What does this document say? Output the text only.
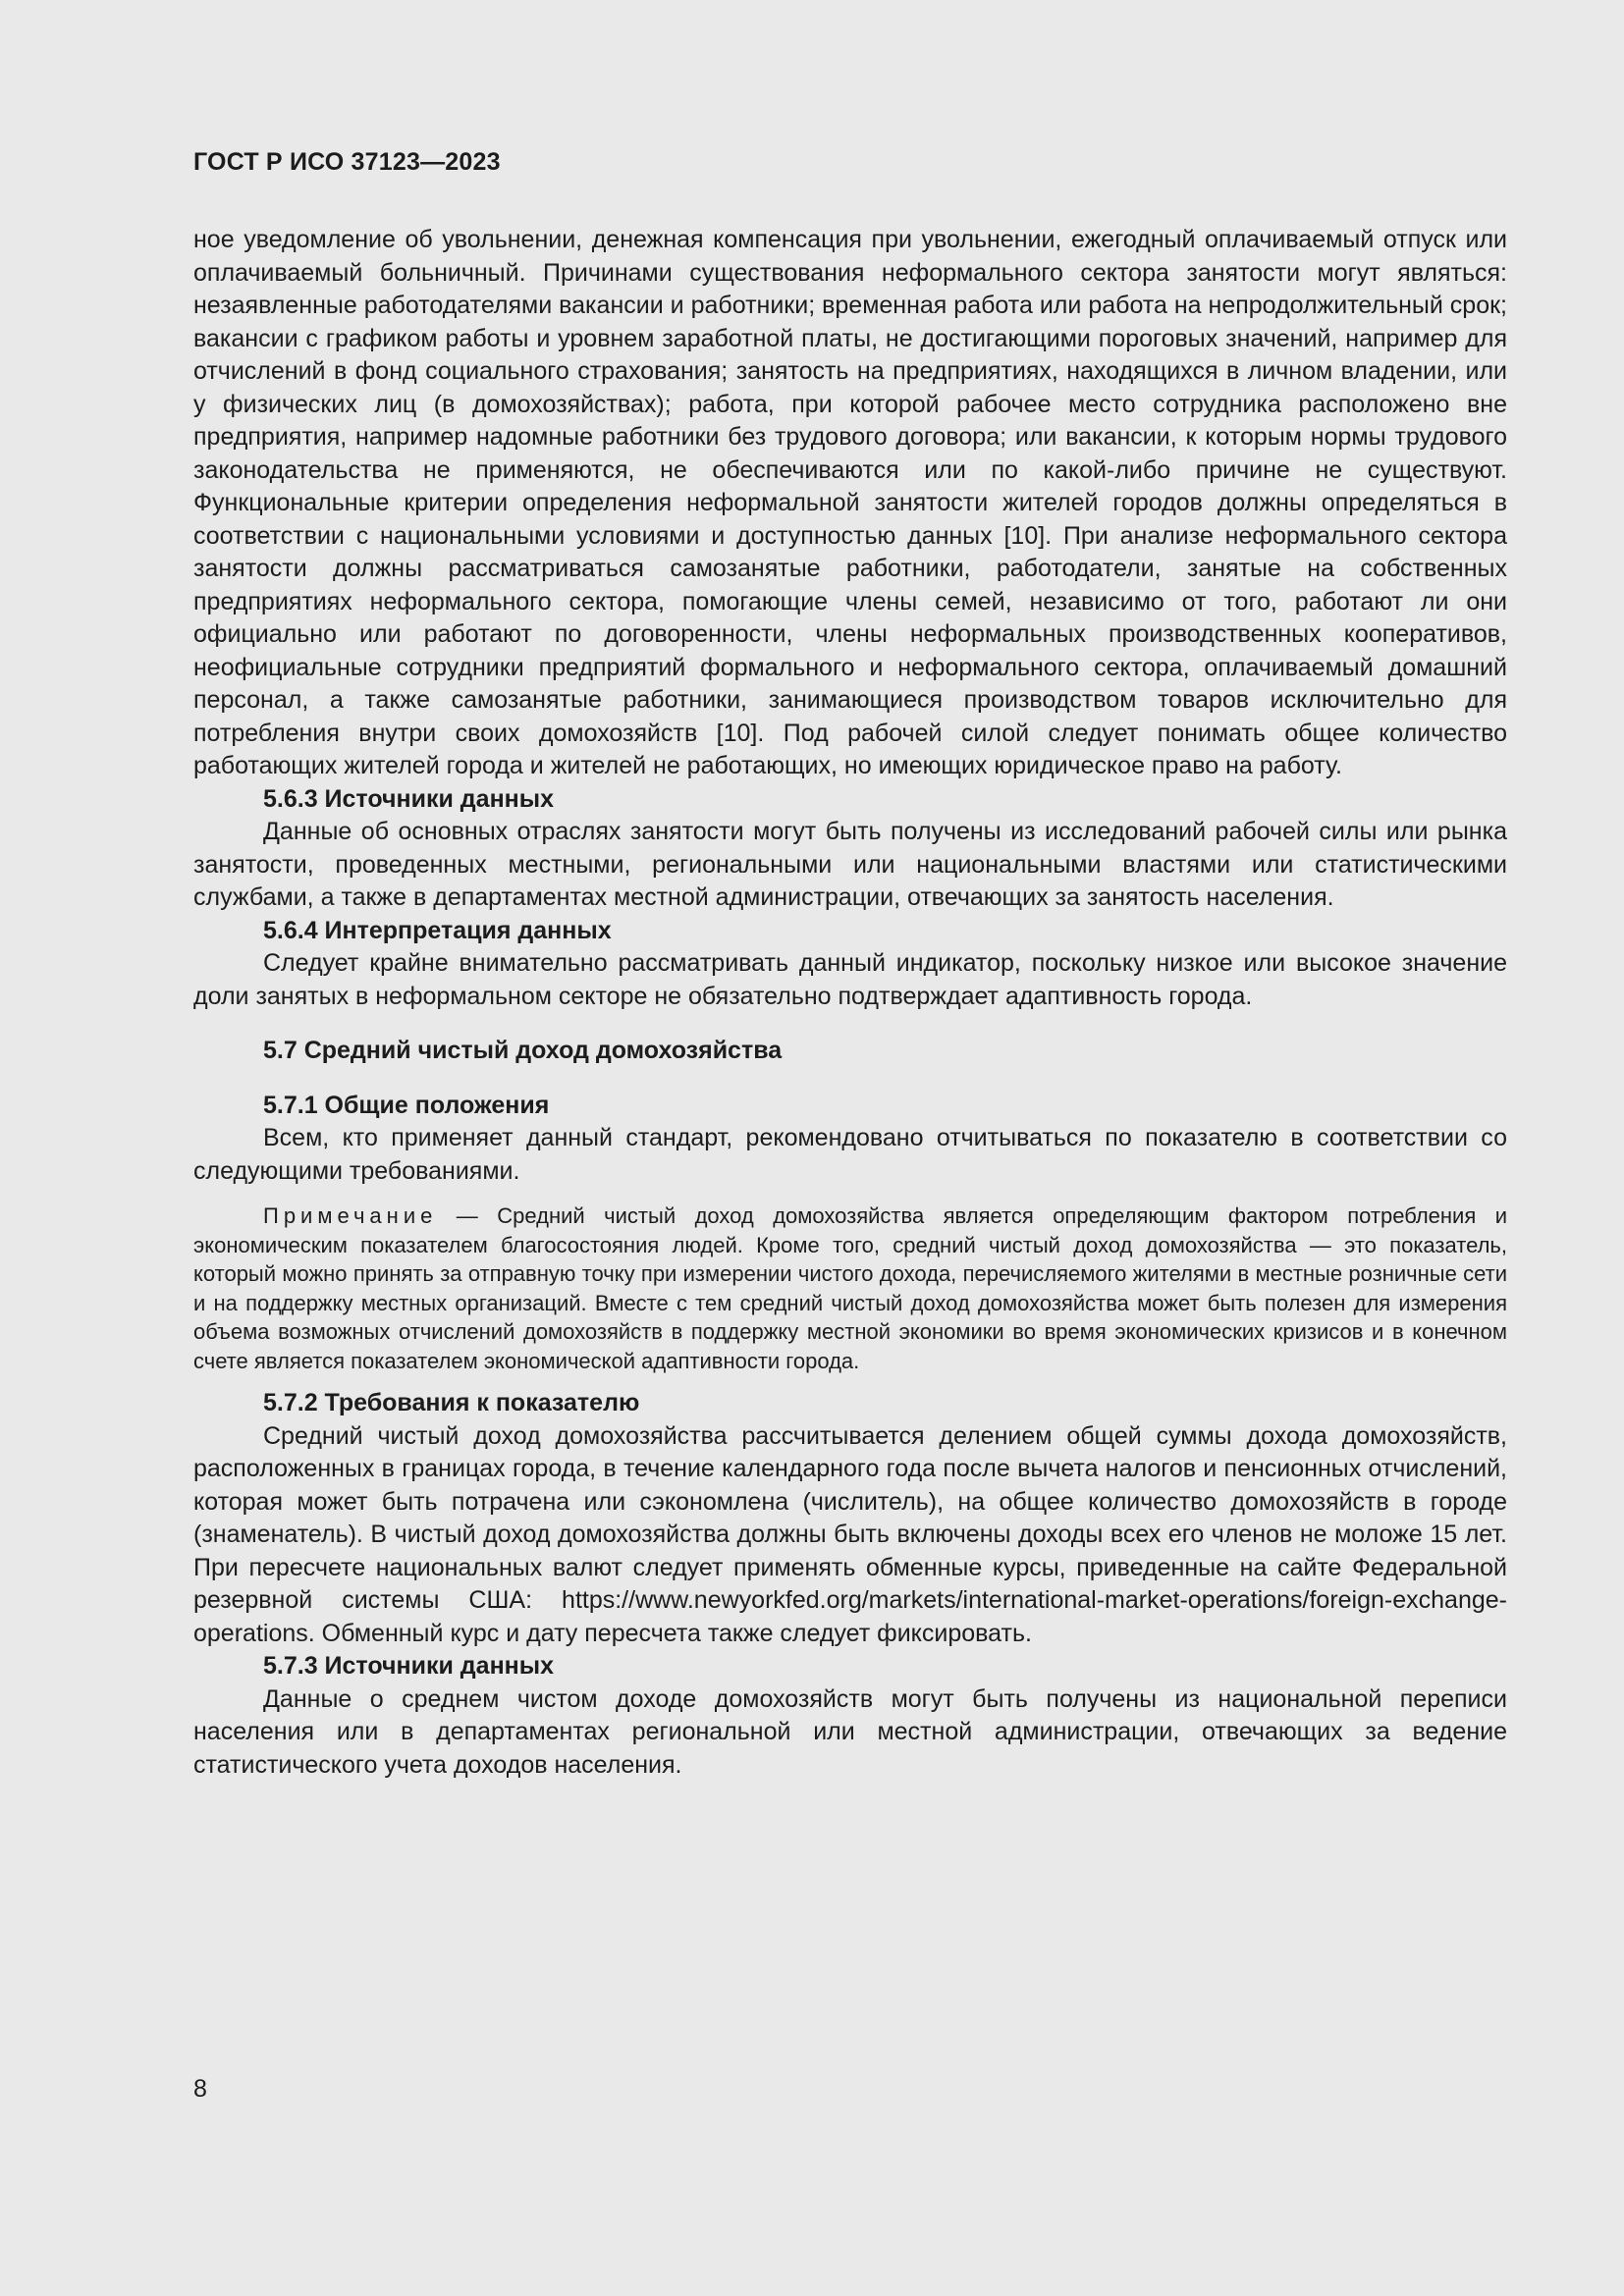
ГОСТ Р ИСО 37123—2023

ное уведомление об увольнении, денежная компенсация при увольнении, ежегодный оплачиваемый отпуск или оплачиваемый больничный. Причинами существования неформального сектора занятости могут являться: незаявленные работодателями вакансии и работники; временная работа или работа на непродолжительный срок; вакансии с графиком работы и уровнем заработной платы, не достигающими пороговых значений, например для отчислений в фонд социального страхования; занятость на предприятиях, находящихся в личном владении, или у физических лиц (в домохозяйствах); работа, при которой рабочее место сотрудника расположено вне предприятия, например надомные работники без трудового договора; или вакансии, к которым нормы трудового законодательства не применяются, не обеспечиваются или по какой-либо причине не существуют. Функциональные критерии определения неформальной занятости жителей городов должны определяться в соответствии с национальными условиями и доступностью данных [10]. При анализе неформального сектора занятости должны рассматриваться самозанятые работники, работодатели, занятые на собственных предприятиях неформального сектора, помогающие члены семей, независимо от того, работают ли они официально или работают по договоренности, члены неформальных производственных кооперативов, неофициальные сотрудники предприятий формального и неформального сектора, оплачиваемый домашний персонал, а также самозанятые работники, занимающиеся производством товаров исключительно для потребления внутри своих домохозяйств [10]. Под рабочей силой следует понимать общее количество работающих жителей города и жителей не работающих, но имеющих юридическое право на работу.

5.6.3 Источники данных

Данные об основных отраслях занятости могут быть получены из исследований рабочей силы или рынка занятости, проведенных местными, региональными или национальными властями или статистическими службами, а также в департаментах местной администрации, отвечающих за занятость населения.

5.6.4 Интерпретация данных

Следует крайне внимательно рассматривать данный индикатор, поскольку низкое или высокое значение доли занятых в неформальном секторе не обязательно подтверждает адаптивность города.

5.7 Средний чистый доход домохозяйства

5.7.1 Общие положения

Всем, кто применяет данный стандарт, рекомендовано отчитываться по показателю в соответствии со следующими требованиями.

Примечание — Средний чистый доход домохозяйства является определяющим фактором потребления и экономическим показателем благосостояния людей. Кроме того, средний чистый доход домохозяйства — это показатель, который можно принять за отправную точку при измерении чистого дохода, перечисляемого жителями в местные розничные сети и на поддержку местных организаций. Вместе с тем средний чистый доход домохозяйства может быть полезен для измерения объема возможных отчислений домохозяйств в поддержку местной экономики во время экономических кризисов и в конечном счете является показателем экономической адаптивности города.

5.7.2 Требования к показателю

Средний чистый доход домохозяйства рассчитывается делением общей суммы дохода домохозяйств, расположенных в границах города, в течение календарного года после вычета налогов и пенсионных отчислений, которая может быть потрачена или сэкономлена (числитель), на общее количество домохозяйств в городе (знаменатель). В чистый доход домохозяйства должны быть включены доходы всех его членов не моложе 15 лет. При пересчете национальных валют следует применять обменные курсы, приведенные на сайте Федеральной резервной системы США: https://www.newyorkfed.org/markets/international-market-operations/foreign-exchange-operations. Обменный курс и дату пересчета также следует фиксировать.

5.7.3 Источники данных

Данные о среднем чистом доходе домохозяйств могут быть получены из национальной переписи населения или в департаментах региональной или местной администрации, отвечающих за ведение статистического учета доходов населения.

8
